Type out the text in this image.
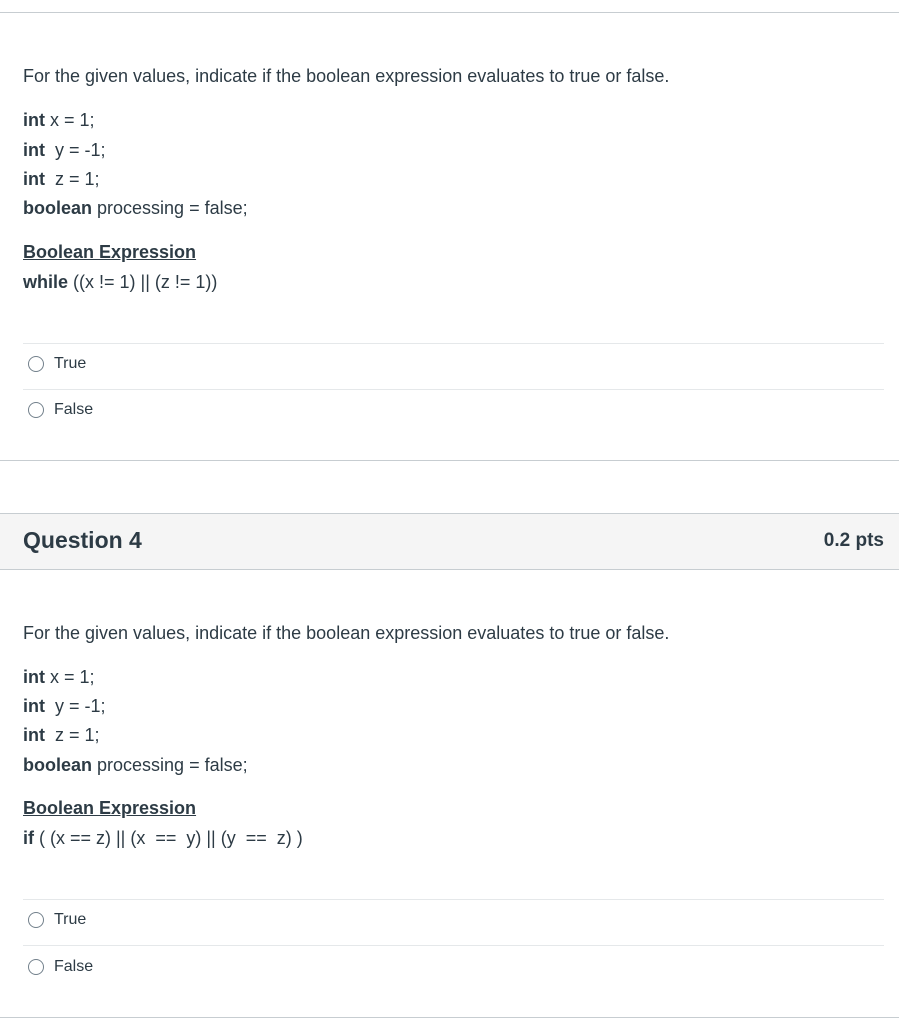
For the given values, indicate if the boolean expression evaluates to true or false.
int x = 1;
int  y = -1;
int  z = 1;
boolean processing = false;
Boolean Expression
while ((x != 1) || (z != 1))
True
False
Question 4	0.2 pts
For the given values, indicate if the boolean expression evaluates to true or false.
int x = 1;
int  y = -1;
int  z = 1;
boolean processing = false;
Boolean Expression
if ( (x == z) || (x  ==  y) || (y  ==  z) )
True
False
